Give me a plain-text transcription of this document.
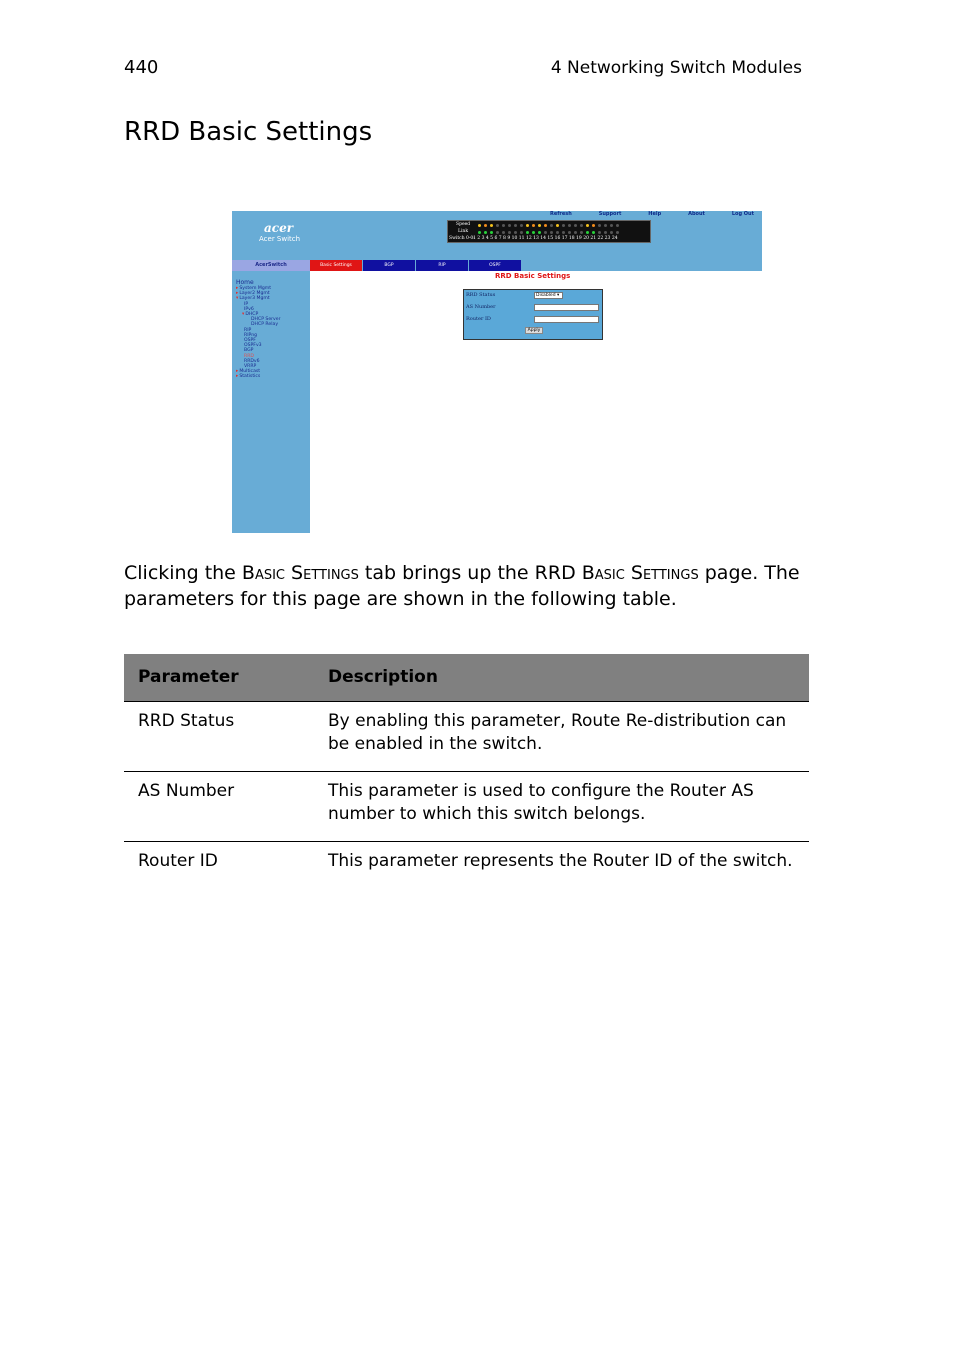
440	4 Networking Switch Modules
RRD Basic Settings
acer
Acer Switch
Refresh	Support	Help	About	Log Out
Speed
Link
Switch 0-0:
1 2 3 4 5 6 7 8 9 10 11 12 13 14 15 16 17 18 19 20 21 22 23 24
AcerSwitch
Home
▸ System Mgmt
▸ Layer2 Mgmt
▾ Layer3 Mgmt
IP
IPv6
▾ DHCP
DHCP Server
DHCP Relay
RIP
RIPng
OSPF
OSPFv3
BGP
RRD
RRDv6
VRRP
▸ Multicast
▸ Statistics
Basic Settings	BGP	RIP	OSPF
RRD Basic Settings
RRD Status	Disabled ▾
AS Number
Router ID
Apply

Clicking the Basic Settings tab brings up the RRD Basic Settings page. The parameters for this page are shown in the following table.

Parameter	Description
RRD Status	By enabling this parameter, Route Re-distribution can be enabled in the switch.
AS Number	This parameter is used to configure the Router AS number to which this switch belongs.
Router ID	This parameter represents the Router ID of the switch.
